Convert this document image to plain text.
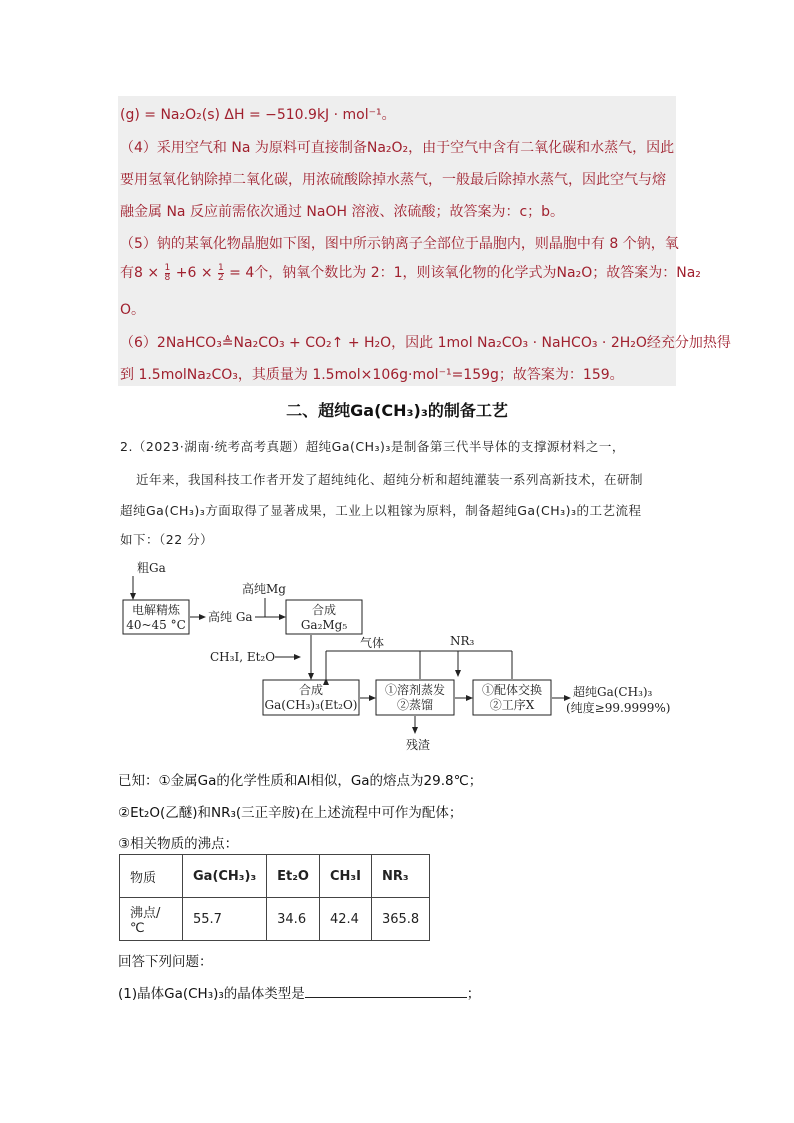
(g) = Na₂O₂(s) ΔH = −510.9kJ · mol⁻¹。
（4）采用空气和 Na 为原料可直接制备Na₂O₂，由于空气中含有二氧化碳和水蒸气，因此
要用氢氧化钠除掉二氧化碳，用浓硫酸除掉水蒸气，一般最后除掉水蒸气，因此空气与熔
融金属 Na 反应前需依次通过 NaOH 溶液、浓硫酸；故答案为：c；b。
（5）钠的某氧化物晶胞如下图，图中所示钠离子全部位于晶胞内，则晶胞中有 8 个钠，氧
有$8 \times \frac{1}{8} +6 \times \frac{1}{2} = 4$个，钠氧个数比为 2：1，则该氧化物的化学式为Na₂O；故答案为：Na₂
O。
（6）2NaHCO₃≜Na₂CO₃ + CO₂↑ + H₂O，因此 1mol Na₂CO₃ · NaHCO₃ · 2H₂O经充分加热得
到 1.5molNa₂CO₃，其质量为 1.5mol×106g·mol⁻¹=159g；故答案为：159。
二、超纯Ga(CH₃)₃的制备工艺
2.（2023·湖南·统考高考真题）超纯Ga(CH₃)₃是制备第三代半导体的支撑源材料之一，
近年来，我国科技工作者开发了超纯纯化、超纯分析和超纯灌装一系列高新技术，在研制
超纯Ga(CH₃)₃方面取得了显著成果，工业上以粗镓为原料，制备超纯Ga(CH₃)₃的工艺流程
如下：（22 分）
粗Ga
电解精炼
40~45 °C
高纯 Ga
高纯Mg
合成
Ga₂Mg₅
气体
CH₃I, Et₂O
NR₃
合成
Ga(CH₃)₃(Et₂O)
①溶剂蒸发
②蒸馏
①配体交换
②工序X
超纯Ga(CH₃)₃
(纯度≥99.9999%)
残渣
已知：①金属Ga的化学性质和Al相似，Ga的熔点为29.8℃；
②Et₂O(乙醚)和NR₃(三正辛胺)在上述流程中可作为配体；
③相关物质的沸点：
物质	Ga(CH₃)₃	Et₂O	CH₃I	NR₃
沸点/℃	55.7	34.6	42.4	365.8
回答下列问题：
(1)晶体Ga(CH₃)₃的晶体类型是	；
